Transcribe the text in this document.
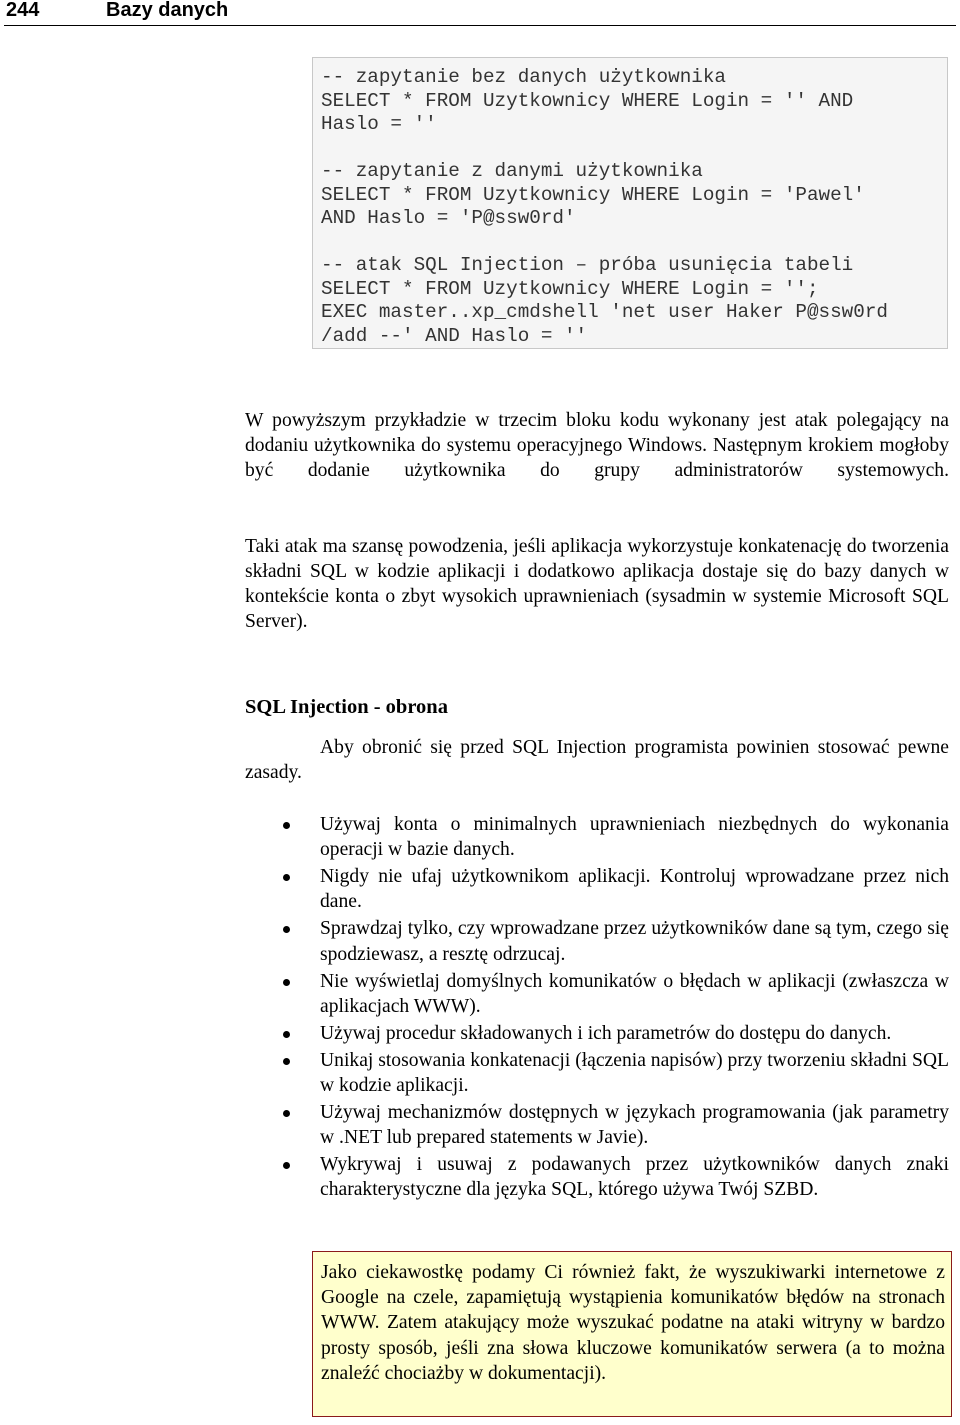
244	Bazy danych
-- zapytanie bez danych użytkownika
SELECT * FROM Uzytkownicy WHERE Login = '' AND
Haslo = ''
-- zapytanie z danymi użytkownika
SELECT * FROM Uzytkownicy WHERE Login = 'Pawel'
AND Haslo = 'P@ssw0rd'
-- atak SQL Injection – próba usunięcia tabeli
SELECT * FROM Uzytkownicy WHERE Login = '';
EXEC master..xp_cmdshell 'net user Haker P@ssw0rd
/add --' AND Haslo = ''

W powyższym przykładzie w trzecim bloku kodu wykonany jest atak polegający na dodaniu użytkownika do systemu operacyjnego Windows. Następnym krokiem mogłoby być dodanie użytkownika do grupy administratorów systemowych.

Taki atak ma szansę powodzenia, jeśli aplikacja wykorzystuje konkatenację do tworzenia składni SQL w kodzie aplikacji i dodatkowo aplikacja dostaje się do bazy danych w kontekście konta o zbyt wysokich uprawnieniach (sysadmin w systemie Microsoft SQL Server).

SQL Injection - obrona

Aby obronić się przed SQL Injection programista powinien stosować pewne zasady.

Używaj konta o minimalnych uprawnieniach niezbędnych do wykonania operacji w bazie danych.
Nigdy nie ufaj użytkownikom aplikacji. Kontroluj wprowadzane przez nich dane.
Sprawdzaj tylko, czy wprowadzane przez użytkowników dane są tym, czego się spodziewasz, a resztę odrzucaj.
Nie wyświetlaj domyślnych komunikatów o błędach w aplikacji (zwłaszcza w aplikacjach WWW).
Używaj procedur składowanych i ich parametrów do dostępu do danych.
Unikaj stosowania konkatenacji (łączenia napisów) przy tworzeniu składni SQL w kodzie aplikacji.
Używaj mechanizmów dostępnych w językach programowania (jak parametry w .NET lub prepared statements w Javie).
Wykrywaj i usuwaj z podawanych przez użytkowników danych znaki charakterystyczne dla języka SQL, którego używa Twój SZBD.
Jako ciekawostkę podamy Ci również fakt, że wyszukiwarki internetowe z Google na czele, zapamiętują wystąpienia komunikatów błędów na stronach WWW. Zatem atakujący może wyszukać podatne na ataki witryny w bardzo prosty sposób, jeśli zna słowa kluczowe komunikatów serwera (a to można znaleźć chociażby w dokumentacji).
